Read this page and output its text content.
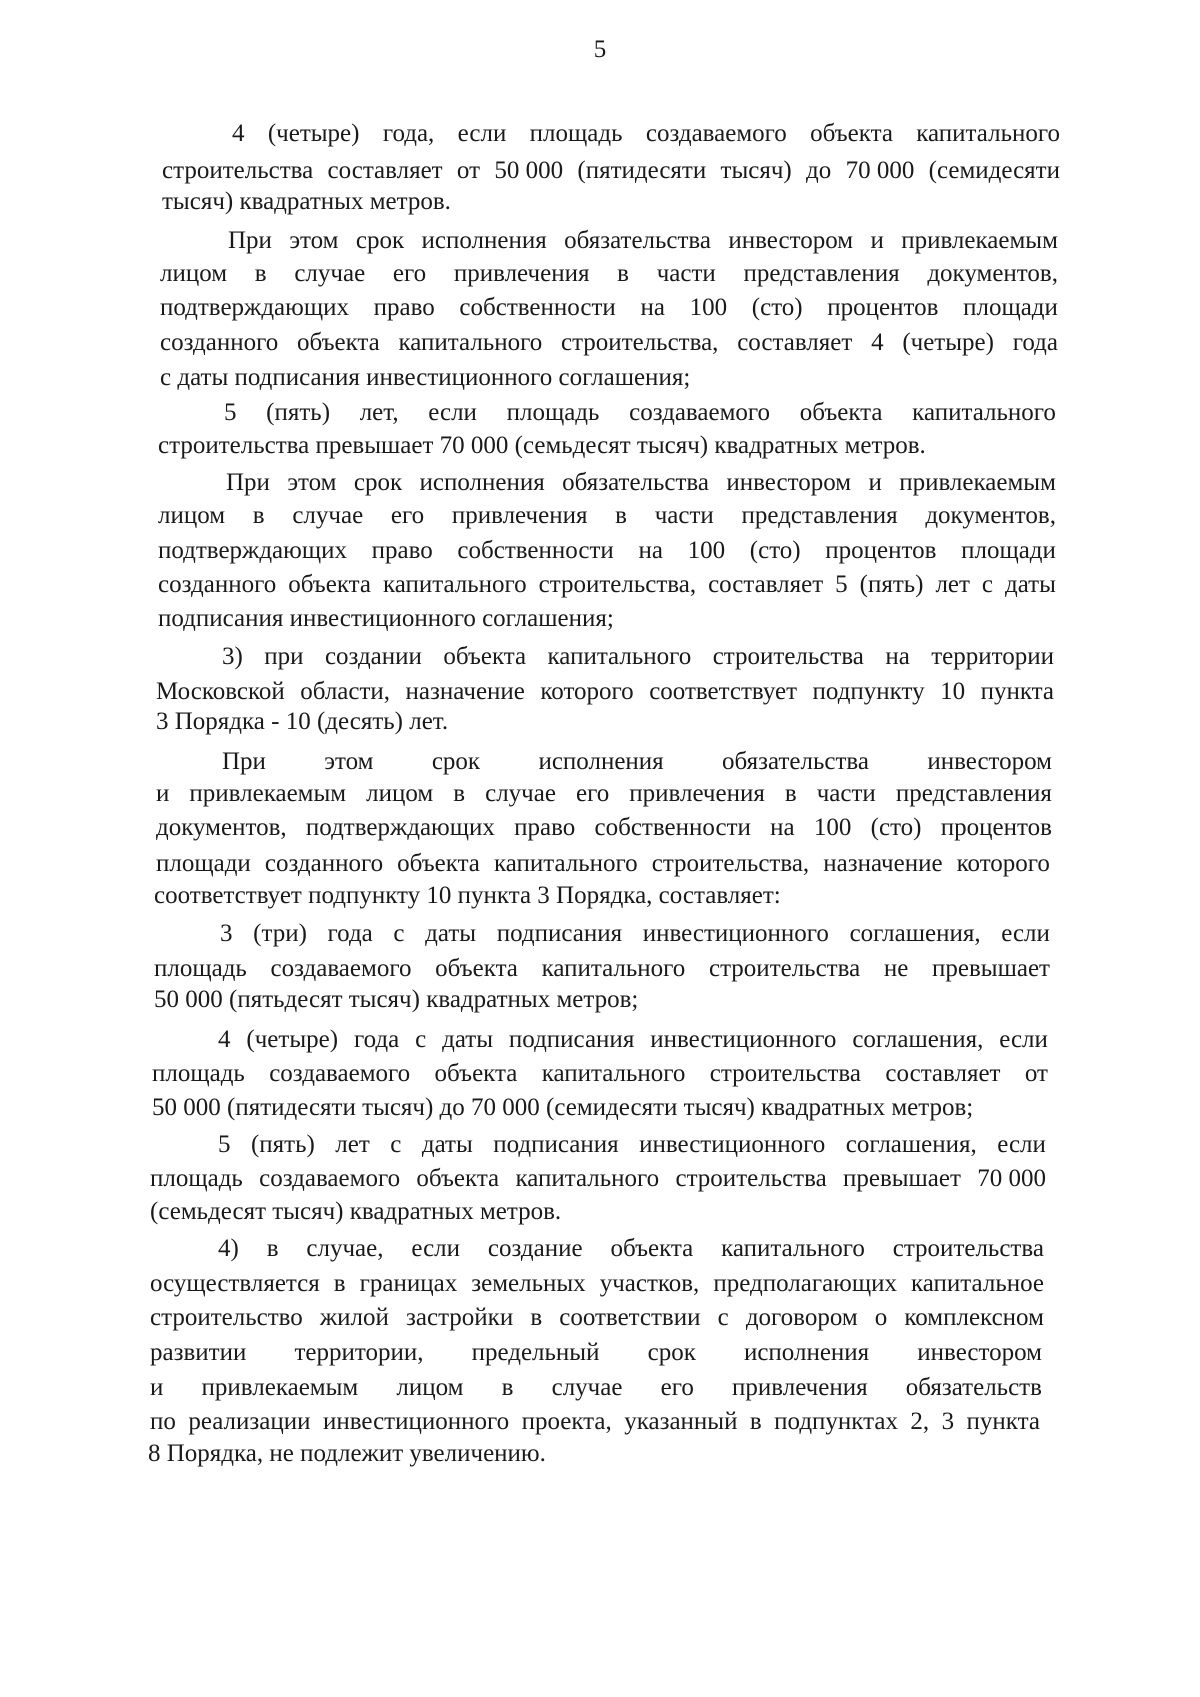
5
4 (четыре) года, если площадь создаваемого объекта капитального
строительства составляет от 50 000 (пятидесяти тысяч) до 70 000 (семидесяти
тысяч) квадратных метров.
При этом срок исполнения обязательства инвестором и привлекаемым
лицом в случае его привлечения в части представления документов,
подтверждающих право собственности на 100 (сто) процентов площади
созданного объекта капитального строительства, составляет 4 (четыре) года
с даты подписания инвестиционного соглашения;
5 (пять) лет, если площадь создаваемого объекта капитального
строительства превышает 70 000 (семьдесят тысяч) квадратных метров.
При этом срок исполнения обязательства инвестором и привлекаемым
лицом в случае его привлечения в части представления документов,
подтверждающих право собственности на 100 (сто) процентов площади
созданного объекта капитального строительства, составляет 5 (пять) лет с даты
подписания инвестиционного соглашения;
3) при создании объекта капитального строительства на территории
Московской области, назначение которого соответствует подпункту 10 пункта
3 Порядка - 10 (десять) лет.
При этом срок исполнения обязательства инвестором
и привлекаемым лицом в случае его привлечения в части представления
документов, подтверждающих право собственности на 100 (сто) процентов
площади созданного объекта капитального строительства, назначение которого
соответствует подпункту 10 пункта 3 Порядка, составляет:
3 (три) года с даты подписания инвестиционного соглашения, если
площадь создаваемого объекта капитального строительства не превышает
50 000 (пятьдесят тысяч) квадратных метров;
4 (четыре) года с даты подписания инвестиционного соглашения, если
площадь создаваемого объекта капитального строительства составляет от
50 000 (пятидесяти тысяч) до 70 000 (семидесяти тысяч) квадратных метров;
5 (пять) лет с даты подписания инвестиционного соглашения, если
площадь создаваемого объекта капитального строительства превышает 70 000
(семьдесят тысяч) квадратных метров.
4) в случае, если создание объекта капитального строительства
осуществляется в границах земельных участков, предполагающих капитальное
строительство жилой застройки в соответствии с договором о комплексном
развитии территории, предельный срок исполнения инвестором
и привлекаемым лицом в случае его привлечения обязательств
по реализации инвестиционного проекта, указанный в подпунктах 2, 3 пункта
8 Порядка, не подлежит увеличению.
